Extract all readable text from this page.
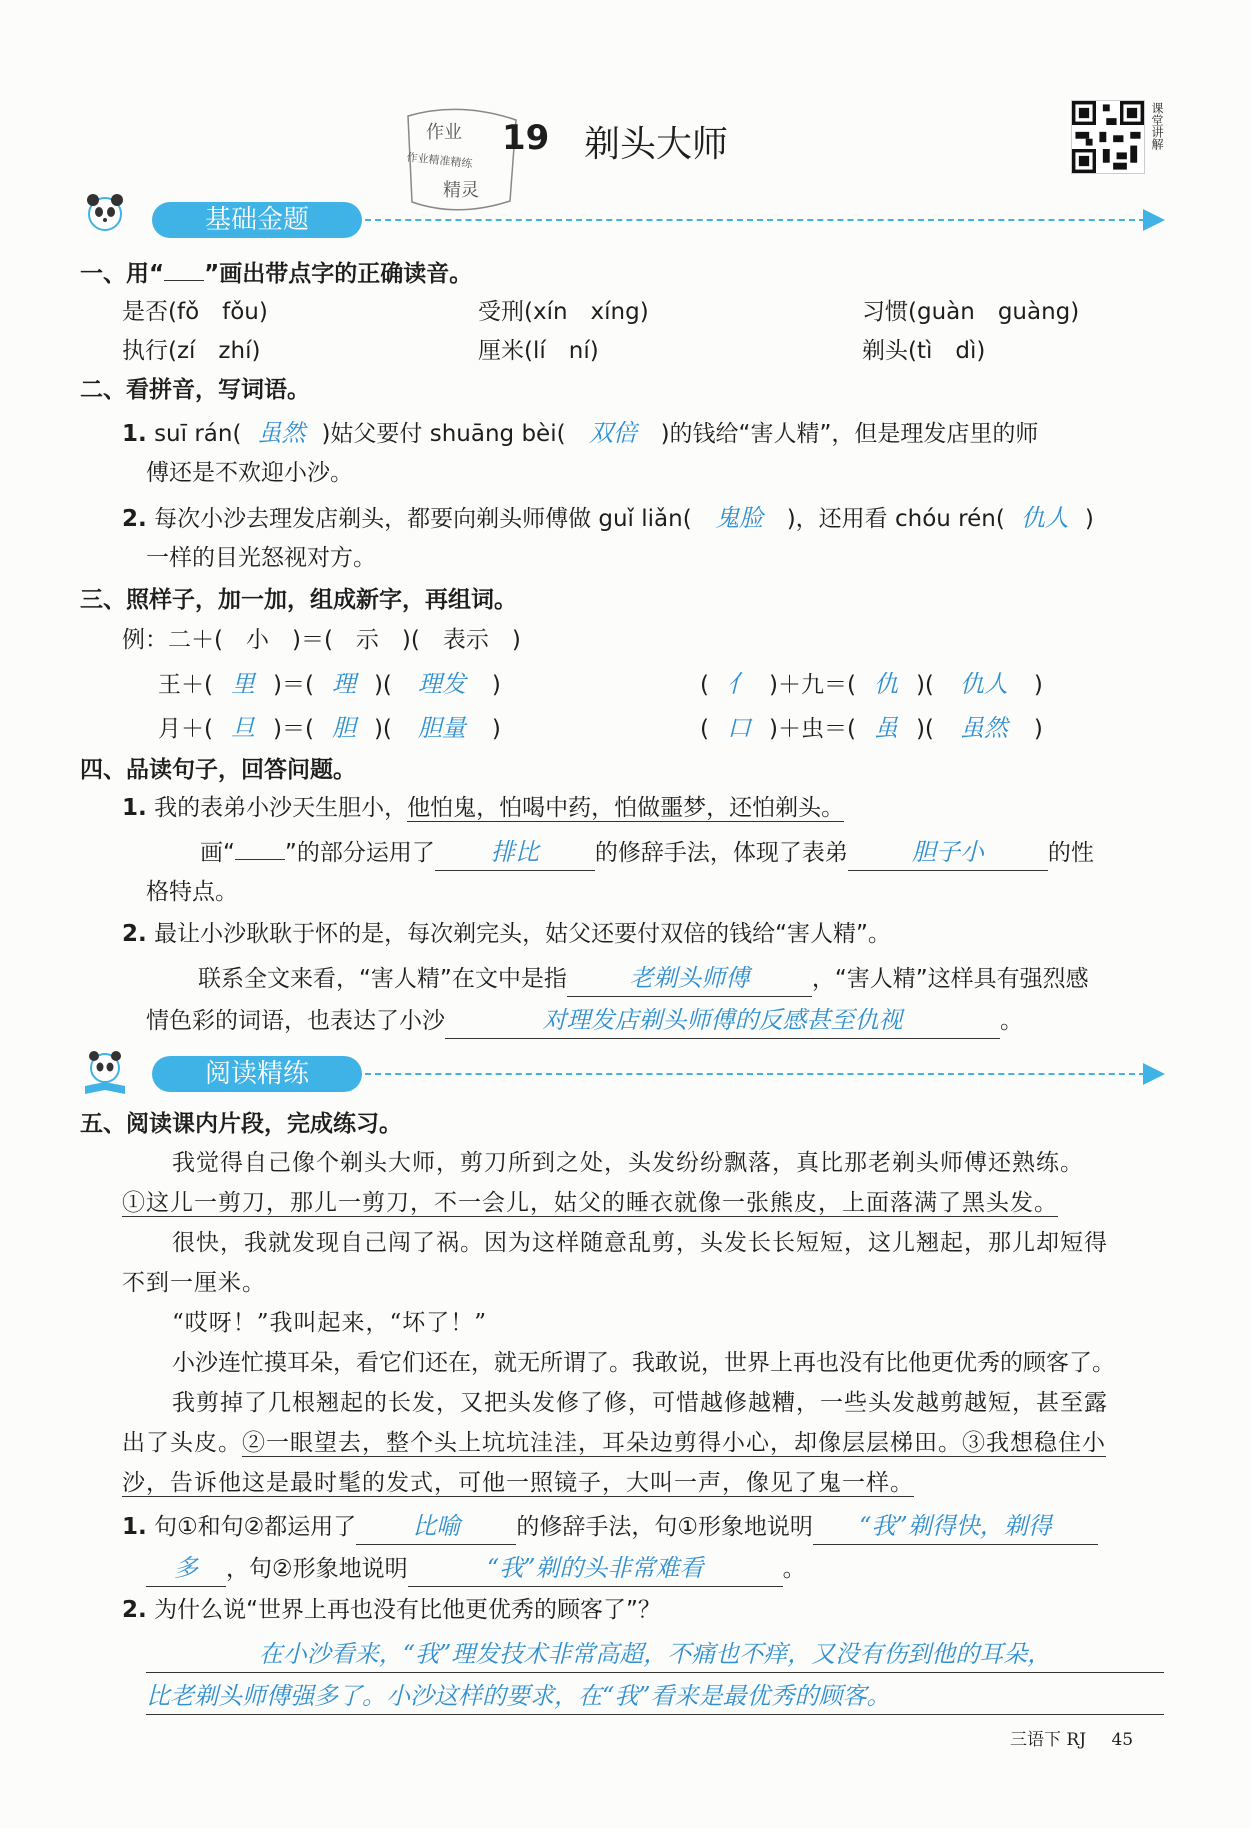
作业
作业精准精练
精灵
19 剃头大师	课堂讲解
基础金题
一、用“ ”画出带点字的正确读音。
是否(fǒ　fǒu)	受刑(xín　xíng)	习惯(guàn　guàng)
执行(zí　zhí)	厘米(lí　ní)	剃头(tì　dì)
二、看拼音，写词语。
1. suī rán( 虽然 )姑父要付 shuāng bèi( 双倍 )的钱给“害人精”，但是理发店里的师
傅还是不欢迎小沙。
2. 每次小沙去理发店剃头，都要向剃头师傅做 guǐ liǎn( 鬼脸 )，还用看 chóu rén( 仇人 )
一样的目光怒视对方。
三、照样子，加一加，组成新字，再组词。
例：二＋(　小　)＝(　示　)(　表示　)
王＋( 里 )＝( 理 )( 理发 )	( 亻 )＋九＝( 仇 )( 仇人 )
月＋( 旦 )＝( 胆 )( 胆量 )	( 口 )＋虫＝( 虽 )( 虽然 )
四、品读句子，回答问题。
1. 我的表弟小沙天生胆小，他怕鬼，怕喝中药，怕做噩梦，还怕剃头。
画“ ”的部分运用了 排比 的修辞手法，体现了表弟	胆子小	的性
格特点。
2. 最让小沙耿耿于怀的是，每次剃完头，姑父还要付双倍的钱给“害人精”。
联系全文来看，“害人精”在文中是指	老剃头师傅	，“害人精”这样具有强烈感
情色彩的词语，也表达了小沙	对理发店剃头师傅的反感甚至仇视	。
阅读精练
五、阅读课内片段，完成练习。
我觉得自己像个剃头大师，剪刀所到之处，头发纷纷飘落，真比那老剃头师傅还熟练。
①这儿一剪刀，那儿一剪刀，不一会儿，姑父的睡衣就像一张熊皮，上面落满了黑头发。
很快，我就发现自己闯了祸。因为这样随意乱剪，头发长长短短，这儿翘起，那儿却短得
不到一厘米。
“哎呀！”我叫起来，“坏了！”
小沙连忙摸耳朵，看它们还在，就无所谓了。我敢说，世界上再也没有比他更优秀的顾客了。
我剪掉了几根翘起的长发，又把头发修了修，可惜越修越糟，一些头发越剪越短，甚至露
出了头皮。②一眼望去，整个头上坑坑洼洼，耳朵边剪得小心，却像层层梯田。③我想稳住小
沙，告诉他这是最时髦的发式，可他一照镜子，大叫一声，像见了鬼一样。
1. 句①和句②都运用了 比喻 的修辞手法，句①形象地说明 “我”剃得快，剃得
多 ，句②形象地说明	“我”剃的头非常难看	。
2. 为什么说“世界上再也没有比他更优秀的顾客了”？
在小沙看来，“我”理发技术非常高超，不痛也不痒，又没有伤到他的耳朵，
比老剃头师傅强多了。小沙这样的要求，在“我”看来是最优秀的顾客。
三语下 RJ 45
